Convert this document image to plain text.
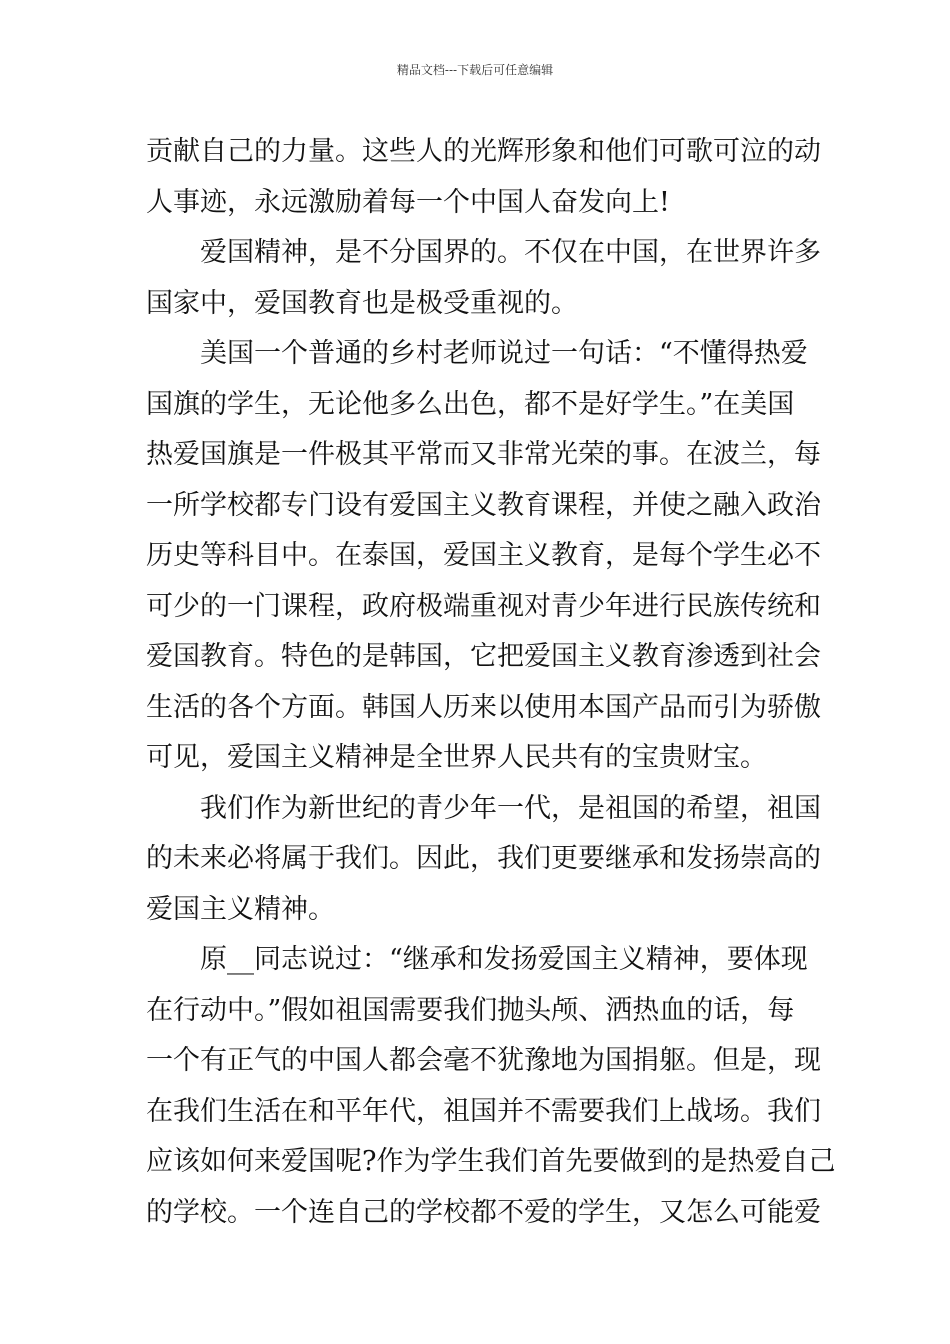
精品文档---下载后可任意编辑
贡献自己的力量。这些人的光辉形象和他们可歌可泣的动
人事迹，永远激励着每一个中国人奋发向上!
爱国精神，是不分国界的。不仅在中国，在世界许多
国家中，爱国教育也是极受重视的。
美国一个普通的乡村老师说过一句话：“不懂得热爱
国旗的学生，无论他多么出色，都不是好学生。”在美国
热爱国旗是一件极其平常而又非常光荣的事。在波兰，每
一所学校都专门设有爱国主义教育课程，并使之融入政治
历史等科目中。在泰国，爱国主义教育，是每个学生必不
可少的一门课程，政府极端重视对青少年进行民族传统和
爱国教育。特色的是韩国，它把爱国主义教育渗透到社会
生活的各个方面。韩国人历来以使用本国产品而引为骄傲
可见，爱国主义精神是全世界人民共有的宝贵财宝。
我们作为新世纪的青少年一代，是祖国的希望，祖国
的未来必将属于我们。因此，我们更要继承和发扬崇高的
爱国主义精神。
原__同志说过：“继承和发扬爱国主义精神，要体现
在行动中。”假如祖国需要我们抛头颅、洒热血的话，每
一个有正气的中国人都会毫不犹豫地为国捐躯。但是，现
在我们生活在和平年代，祖国并不需要我们上战场。我们
应该如何来爱国呢?作为学生我们首先要做到的是热爱自己
的学校。一个连自己的学校都不爱的学生，又怎么可能爱
